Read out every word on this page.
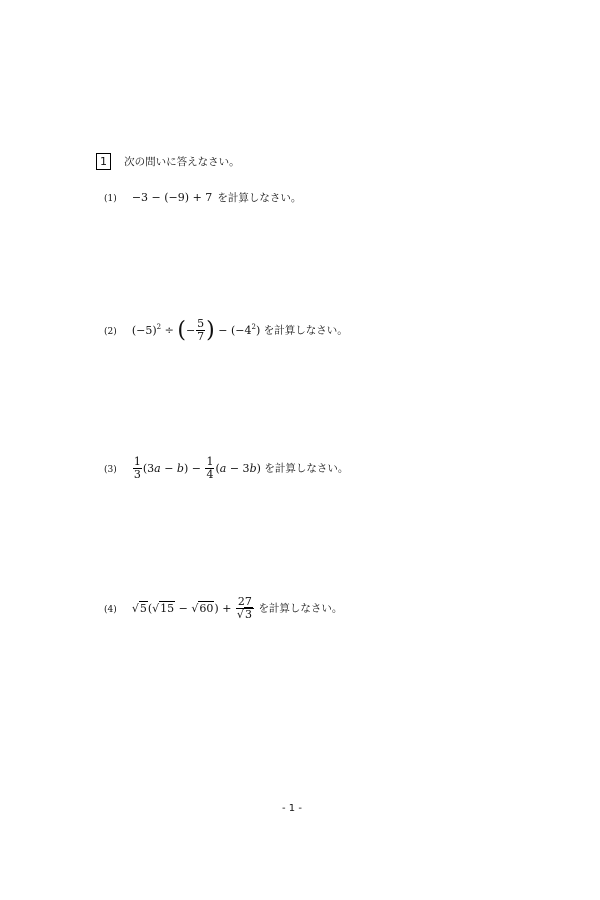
1 次の問いに答えなさい。
(1) −3 − (−9) + 7 を計算しなさい。
(2) $(-5)^2$ ÷ (− $\frac{5}{7}$ ) − $(-4^2)$ を計算しなさい。
$(3) \frac{1}{3} (3a - b) - \frac{1}{4} (a - 3b)$ を計算しなさい。
(4) $√5(√15 - √60) + \frac{27}{√3}$ を計算しなさい。
- 1 -
